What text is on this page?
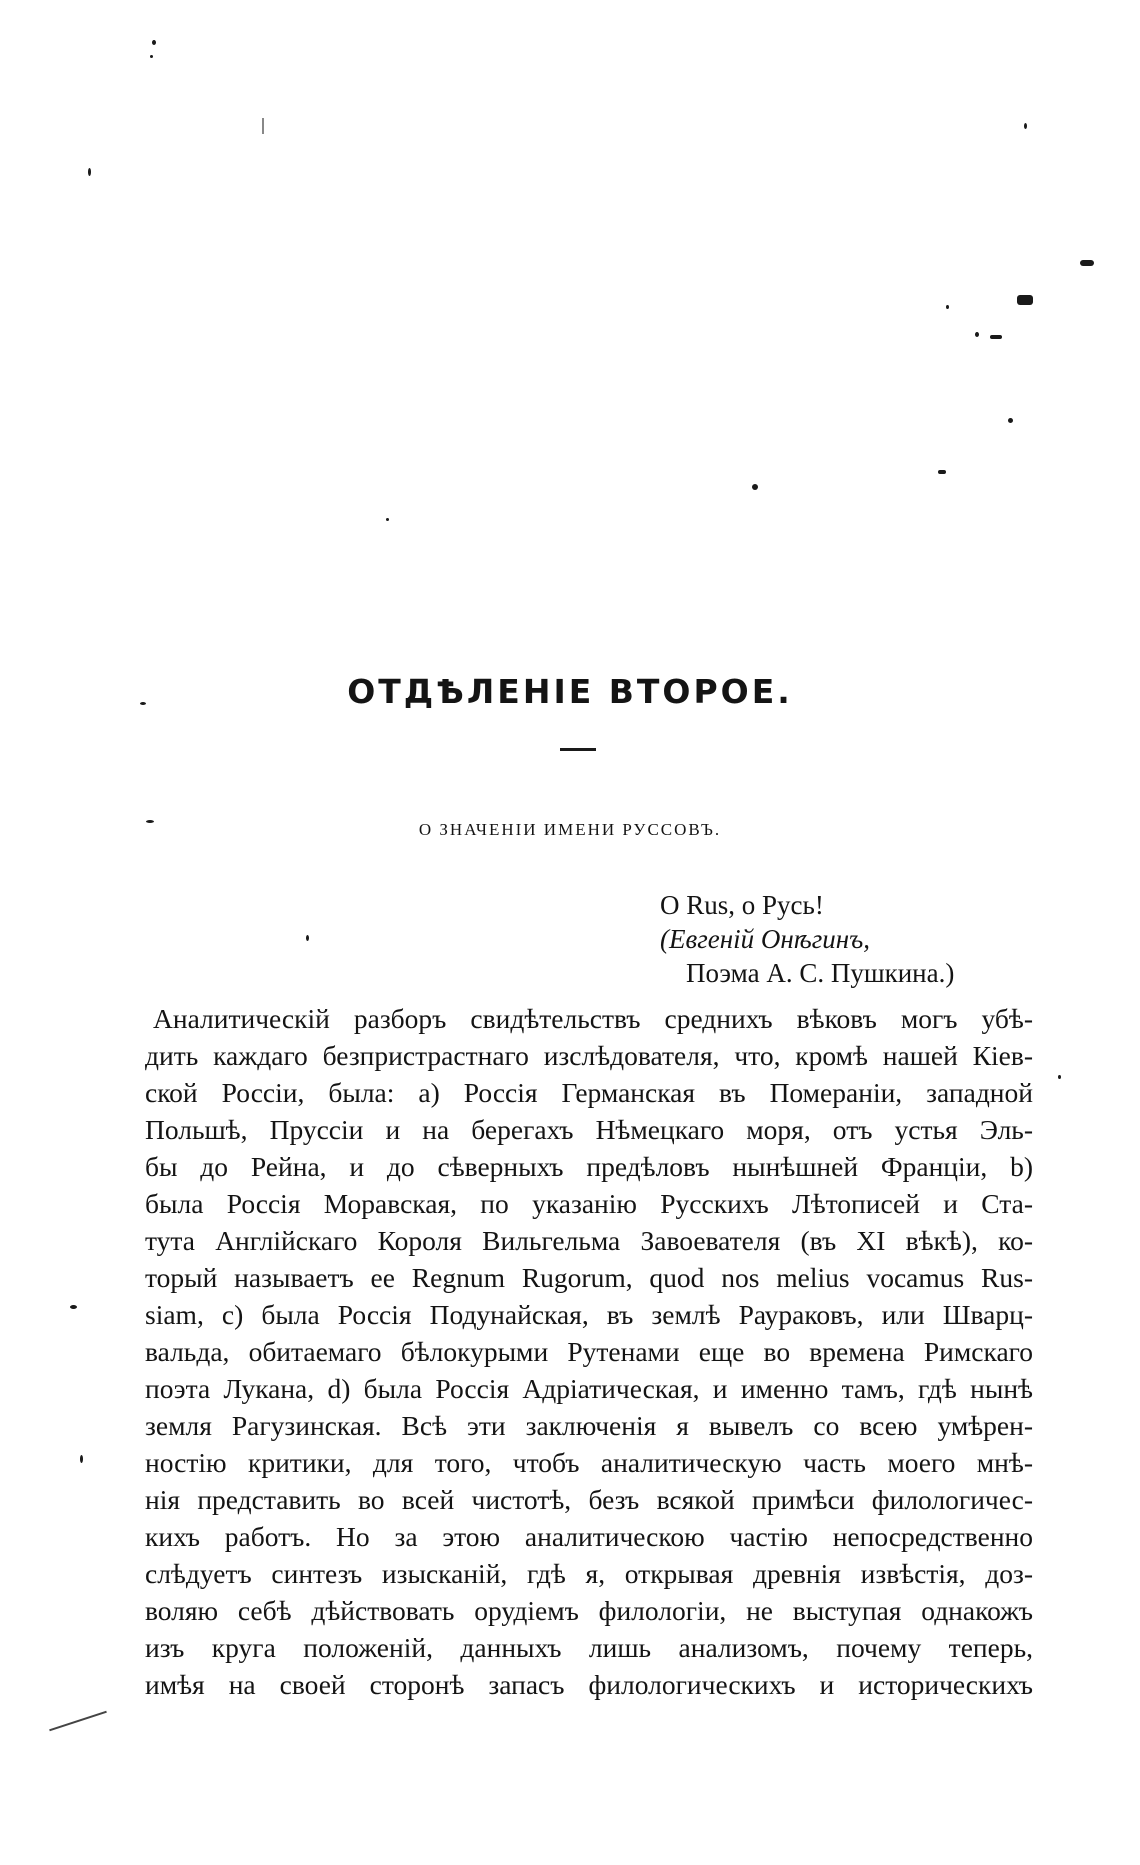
ОТДѢЛЕНІЕ ВТОРОЕ.
О ЗНАЧЕНІИ ИМЕНИ РУССОВЪ.
O Rus, o Русь!
(Евгеній Онѣгинъ,
Поэма А. С. Пушкина.)
Аналитическій разборъ свидѣтельствъ среднихъ вѣковъ могъ убѣ-
дить каждаго безпристрастнаго изслѣдователя, что, кромѣ нашей Кіев-
ской Россіи, была: a) Россія Германская въ Помераніи, западной
Польшѣ, Пруссіи и на берегахъ Нѣмецкаго моря, отъ устья Эль-
бы до Рейна, и до сѣверныхъ предѣловъ нынѣшней Франціи, b)
была Россія Моравская, по указанію Русскихъ Лѣтописей и Ста-
тута Англійскаго Короля Вильгельма Завоевателя (въ XI вѣкѣ), ко-
торый называетъ ее Regnum Rugorum, quod nos melius vocamus Rus-
siam, c) была Россія Подунайская, въ землѣ Раураковъ, или Шварц-
вальда, обитаемаго бѣлокурыми Рутенами еще во времена Римскаго
поэта Лукана, d) была Россія Адріатическая, и именно тамъ, гдѣ нынѣ
земля Рагузинская. Всѣ эти заключенія я вывелъ со всею умѣрен-
ностію критики, для того, чтобъ аналитическую часть моего мнѣ-
нія представить во всей чистотѣ, безъ всякой примѣси филологичес-
кихъ работъ. Но за этою аналитическою частію непосредственно
слѣдуетъ синтезъ изысканій, гдѣ я, открывая древнія извѣстія, доз-
воляю себѣ дѣйствовать орудіемъ филологіи, не выступая однакожъ
изъ круга положеній, данныхъ лишь анализомъ, почему теперь,
имѣя на своей сторонѣ запасъ филологическихъ и историческихъ
